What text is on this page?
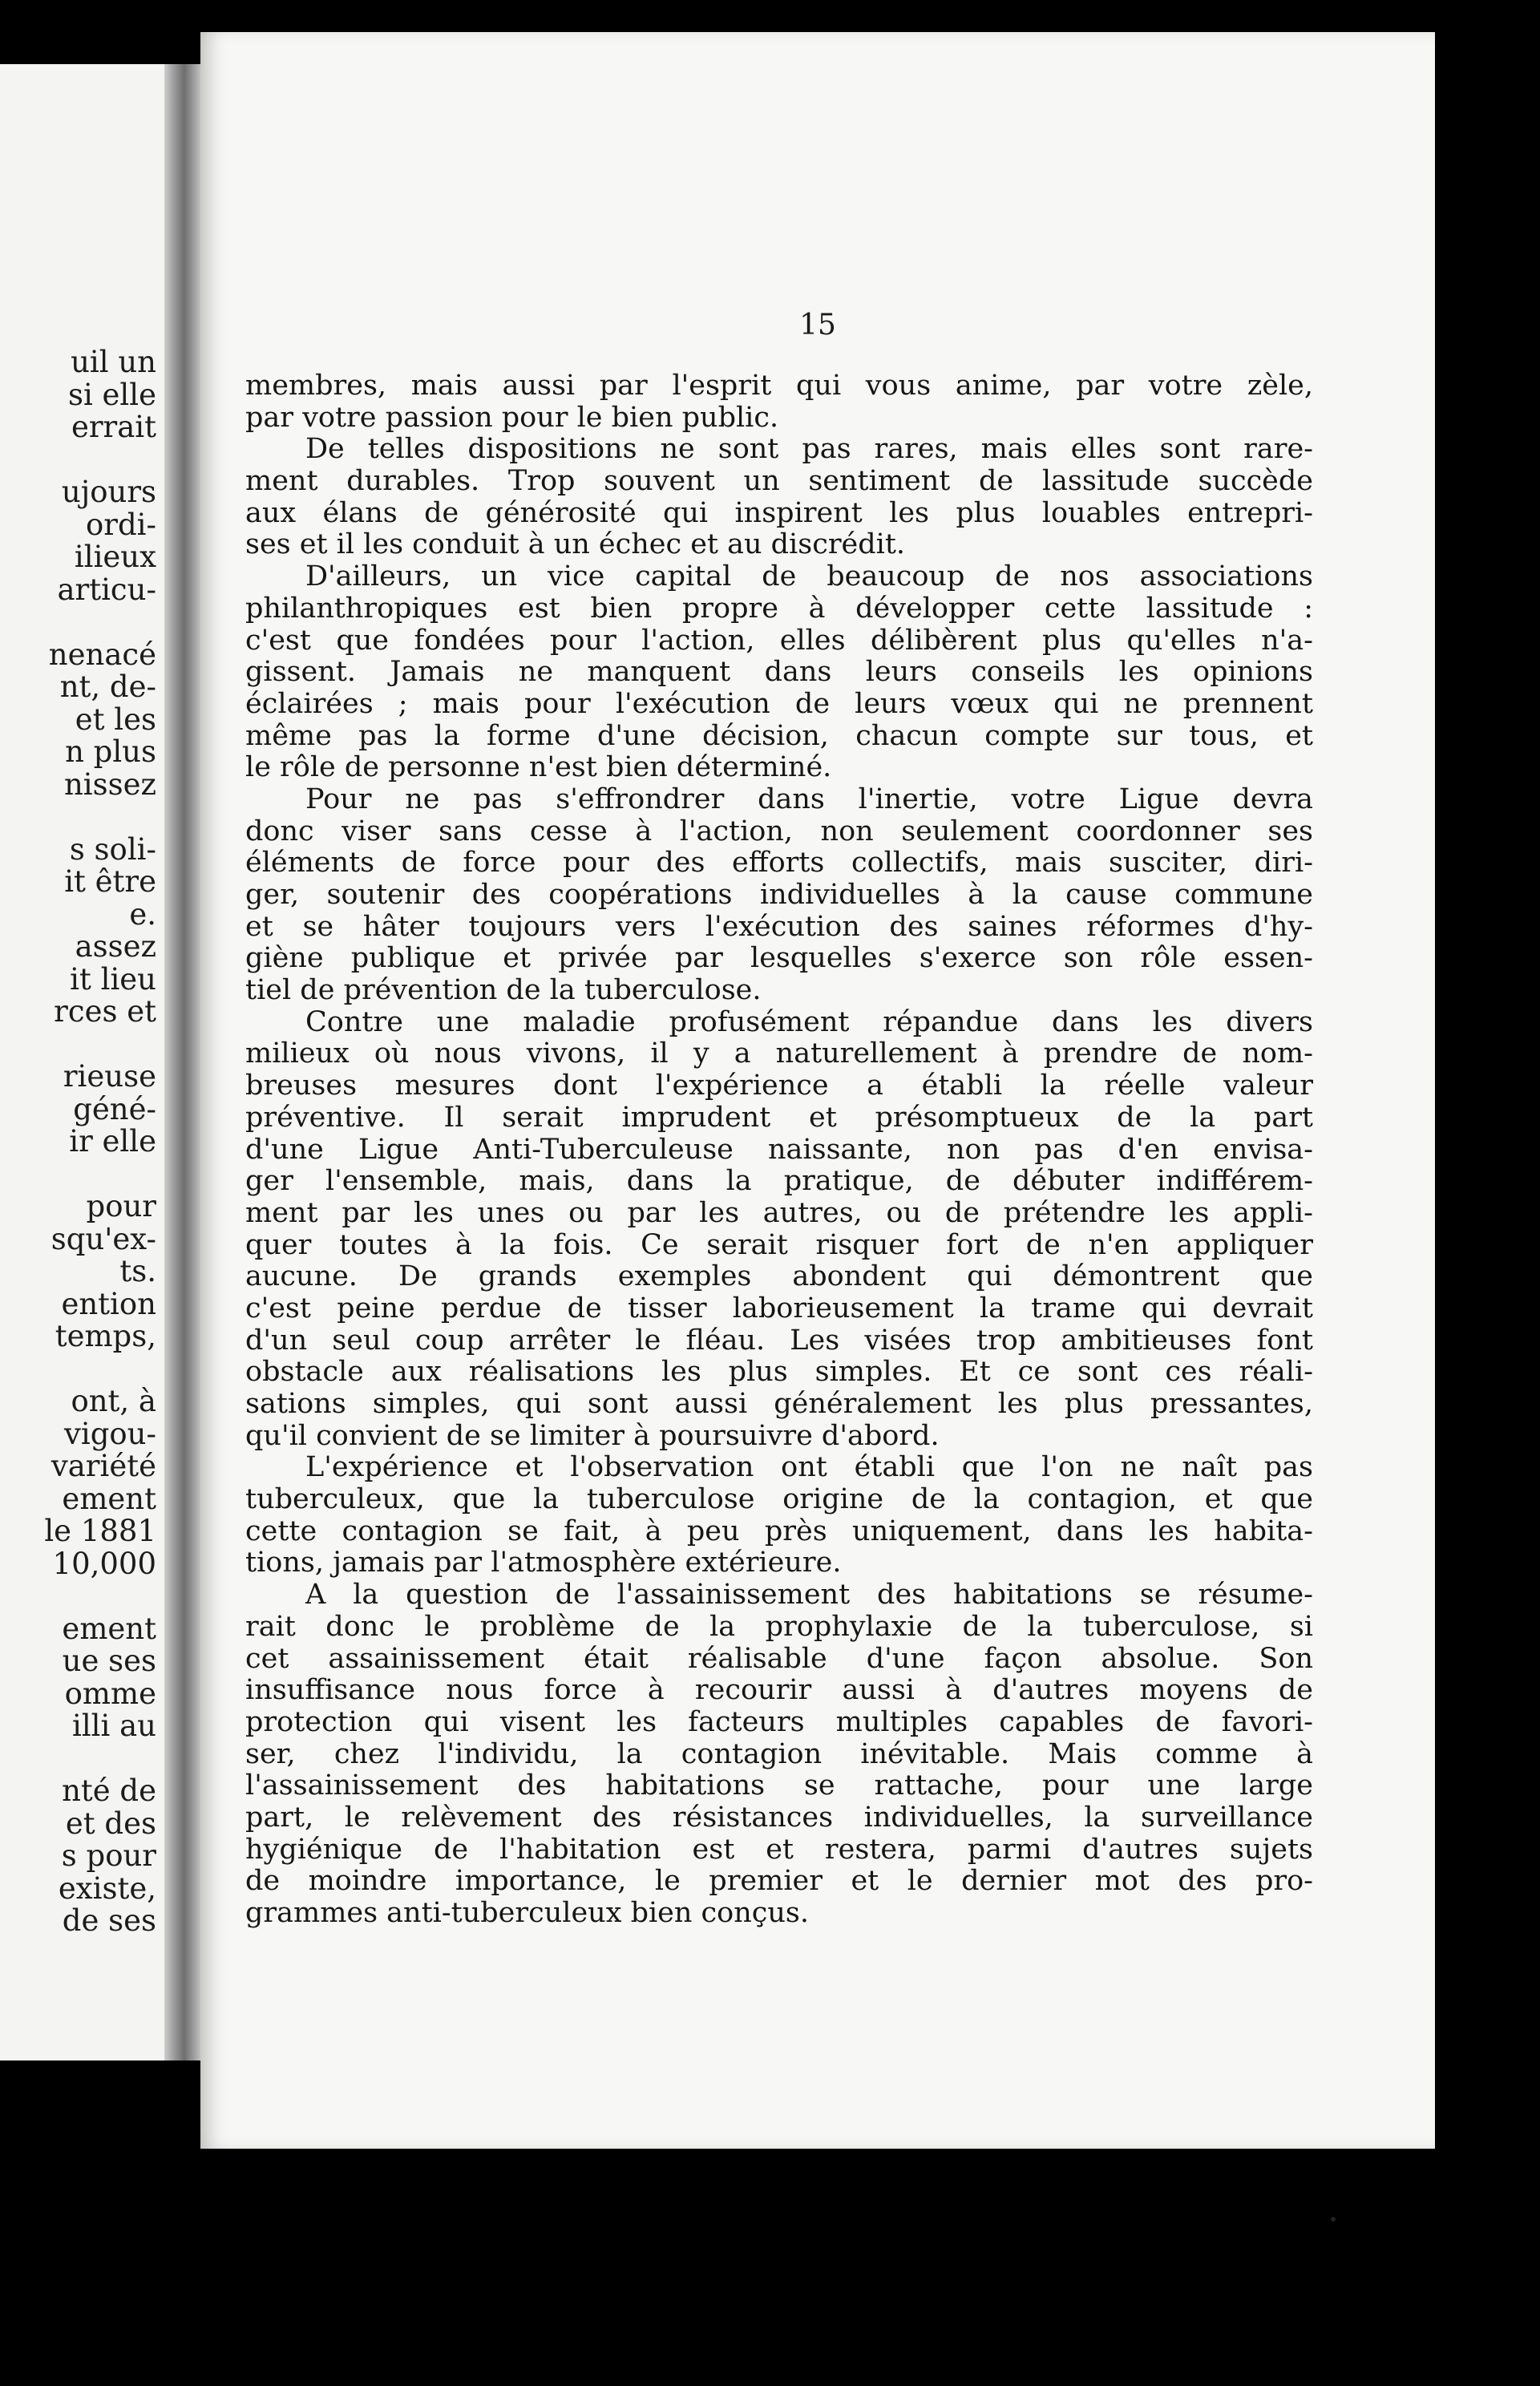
uil un
si elle
errait
ujours
ordi-
ilieux
articu-
nenacé
nt, de-
et les
n plus
nissez
s soli-
it être
e.
assez
it lieu
rces et
rieuse
géné-
ir elle
pour
squ'ex-
ts.
ention
temps,
ont, à
vigou-
variété
ement
le 1881
10,000
ement
ue ses
omme
illi au
nté de
et des
s pour
existe,
de ses
15
membres, mais aussi par l'esprit qui vous anime, par votre zèle,
par votre passion pour le bien public.
De telles dispositions ne sont pas rares, mais elles sont rare-
ment durables. Trop souvent un sentiment de lassitude succède
aux élans de générosité qui inspirent les plus louables entrepri-
ses et il les conduit à un échec et au discrédit.
D'ailleurs, un vice capital de beaucoup de nos associations
philanthropiques est bien propre à développer cette lassitude :
c'est que fondées pour l'action, elles délibèrent plus qu'elles n'a-
gissent. Jamais ne manquent dans leurs conseils les opinions
éclairées ; mais pour l'exécution de leurs vœux qui ne prennent
même pas la forme d'une décision, chacun compte sur tous, et
le rôle de personne n'est bien déterminé.
Pour ne pas s'effrondrer dans l'inertie, votre Ligue devra
donc viser sans cesse à l'action, non seulement coordonner ses
éléments de force pour des efforts collectifs, mais susciter, diri-
ger, soutenir des coopérations individuelles à la cause commune
et se hâter toujours vers l'exécution des saines réformes d'hy-
giène publique et privée par lesquelles s'exerce son rôle essen-
tiel de prévention de la tuberculose.
Contre une maladie profusément répandue dans les divers
milieux où nous vivons, il y a naturellement à prendre de nom-
breuses mesures dont l'expérience a établi la réelle valeur
préventive. Il serait imprudent et présomptueux de la part
d'une Ligue Anti-Tuberculeuse naissante, non pas d'en envisa-
ger l'ensemble, mais, dans la pratique, de débuter indifférem-
ment par les unes ou par les autres, ou de prétendre les appli-
quer toutes à la fois. Ce serait risquer fort de n'en appliquer
aucune. De grands exemples abondent qui démontrent que
c'est peine perdue de tisser laborieusement la trame qui devrait
d'un seul coup arrêter le fléau. Les visées trop ambitieuses font
obstacle aux réalisations les plus simples. Et ce sont ces réali-
sations simples, qui sont aussi généralement les plus pressantes,
qu'il convient de se limiter à poursuivre d'abord.
L'expérience et l'observation ont établi que l'on ne naît pas
tuberculeux, que la tuberculose origine de la contagion, et que
cette contagion se fait, à peu près uniquement, dans les habita-
tions, jamais par l'atmosphère extérieure.
A la question de l'assainissement des habitations se résume-
rait donc le problème de la prophylaxie de la tuberculose, si
cet assainissement était réalisable d'une façon absolue. Son
insuffisance nous force à recourir aussi à d'autres moyens de
protection qui visent les facteurs multiples capables de favori-
ser, chez l'individu, la contagion inévitable. Mais comme à
l'assainissement des habitations se rattache, pour une large
part, le relèvement des résistances individuelles, la surveillance
hygiénique de l'habitation est et restera, parmi d'autres sujets
de moindre importance, le premier et le dernier mot des pro-
grammes anti-tuberculeux bien conçus.
